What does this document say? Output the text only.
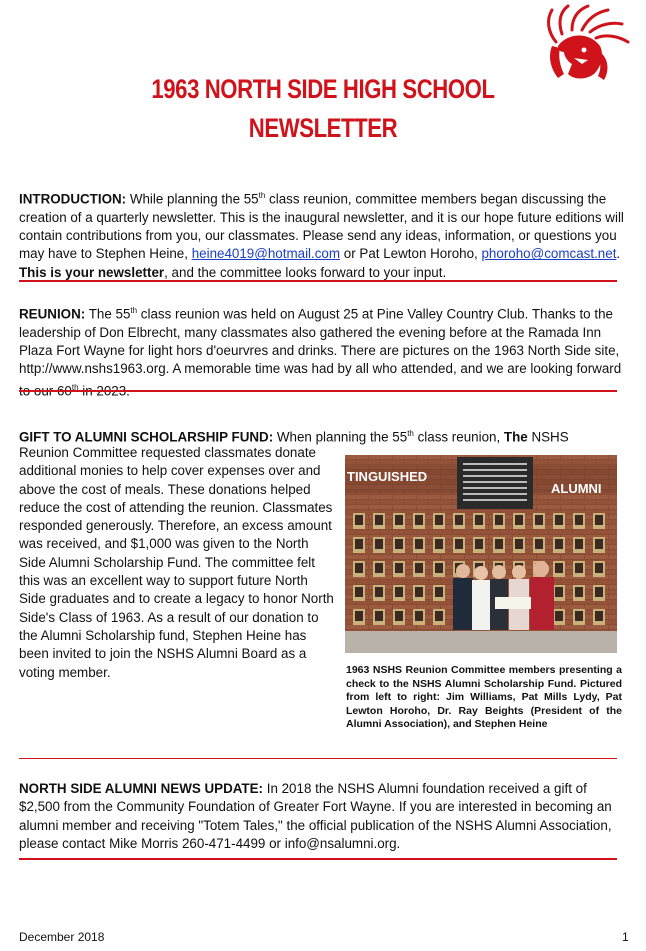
1963 NORTH SIDE HIGH SCHOOL
NEWSLETTER
INTRODUCTION: While planning the 55th class reunion, committee members began discussing the creation of a quarterly newsletter. This is the inaugural newsletter, and it is our hope future editions will contain contributions from you, our classmates. Please send any ideas, information, or questions you may have to Stephen Heine, heine4019@hotmail.com or Pat Lewton Horoho, phoroho@comcast.net. This is your newsletter, and the committee looks forward to your input.
REUNION: The 55th class reunion was held on August 25 at Pine Valley Country Club. Thanks to the leadership of Don Elbrecht, many classmates also gathered the evening before at the Ramada Inn Plaza Fort Wayne for light hors d'oeurvres and drinks. There are pictures on the 1963 North Side site, http://www.nshs1963.org. A memorable time was had by all who attended, and we are looking forward to our 60th in 2023.
GIFT TO ALUMNI SCHOLARSHIP FUND: When planning the 55th class reunion, The NSHS
Reunion Committee requested classmates donate additional monies to help cover expenses over and above the cost of meals. These donations helped reduce the cost of attending the reunion. Classmates responded generously. Therefore, an excess amount was received, and $1,000 was given to the North Side Alumni Scholarship Fund. The committee felt this was an excellent way to support future North Side graduates and to create a legacy to honor North Side's Class of 1963. As a result of our donation to the Alumni Scholarship fund, Stephen Heine has been invited to join the NSHS Alumni Board as a voting member.
TINGUISHED
ALUMNI
1963 NSHS Reunion Committee members presenting a check to the NSHS Alumni Scholarship Fund. Pictured from left to right: Jim Williams, Pat Mills Lydy, Pat Lewton Horoho, Dr. Ray Beights (President of the Alumni Association), and Stephen Heine
NORTH SIDE ALUMNI NEWS UPDATE: In 2018 the NSHS Alumni foundation received a gift of $2,500 from the Community Foundation of Greater Fort Wayne. If you are interested in becoming an alumni member and receiving "Totem Tales," the official publication of the NSHS Alumni Association, please contact Mike Morris 260-471-4499 or info@nsalumni.org.
December 2018	1
